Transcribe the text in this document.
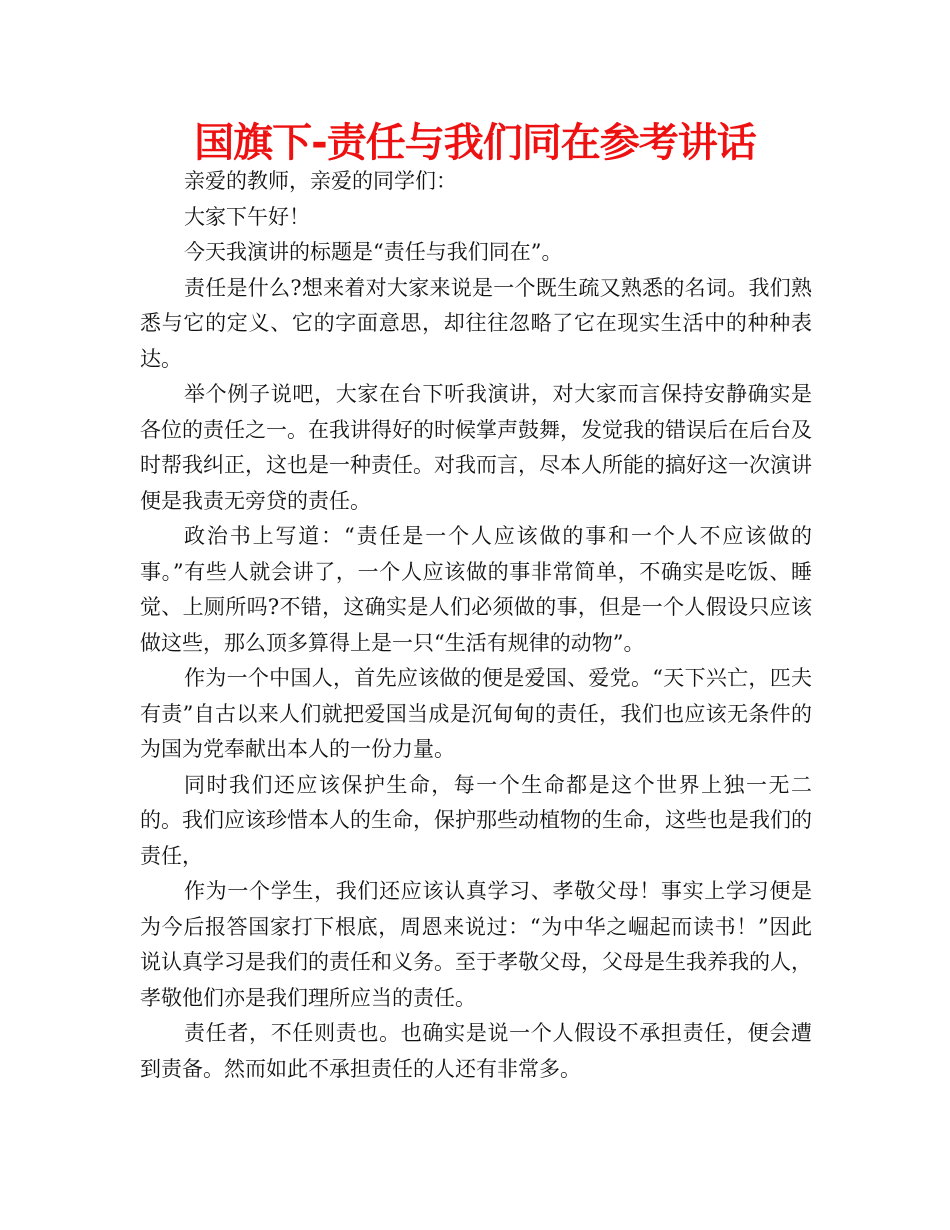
国旗下-责任与我们同在参考讲话

亲爱的教师，亲爱的同学们：

大家下午好！

今天我演讲的标题是“责任与我们同在”。

责任是什么?想来着对大家来说是一个既生疏又熟悉的名词。我们熟悉与它的定义、它的字面意思，却往往忽略了它在现实生活中的种种表达。

举个例子说吧，大家在台下听我演讲，对大家而言保持安静确实是各位的责任之一。在我讲得好的时候掌声鼓舞，发觉我的错误后在后台及时帮我纠正，这也是一种责任。对我而言，尽本人所能的搞好这一次演讲便是我责无旁贷的责任。

政治书上写道：“责任是一个人应该做的事和一个人不应该做的事。”有些人就会讲了，一个人应该做的事非常简单，不确实是吃饭、睡觉、上厕所吗?不错，这确实是人们必须做的事，但是一个人假设只应该做这些，那么顶多算得上是一只“生活有规律的动物”。

作为一个中国人，首先应该做的便是爱国、爱党。“天下兴亡，匹夫有责”自古以来人们就把爱国当成是沉甸甸的责任，我们也应该无条件的为国为党奉献出本人的一份力量。

同时我们还应该保护生命，每一个生命都是这个世界上独一无二的。我们应该珍惜本人的生命，保护那些动植物的生命，这些也是我们的责任，

作为一个学生，我们还应该认真学习、孝敬父母！事实上学习便是为今后报答国家打下根底，周恩来说过：“为中华之崛起而读书！”因此说认真学习是我们的责任和义务。至于孝敬父母，父母是生我养我的人，孝敬他们亦是我们理所应当的责任。

责任者，不任则责也。也确实是说一个人假设不承担责任，便会遭到责备。然而如此不承担责任的人还有非常多。
